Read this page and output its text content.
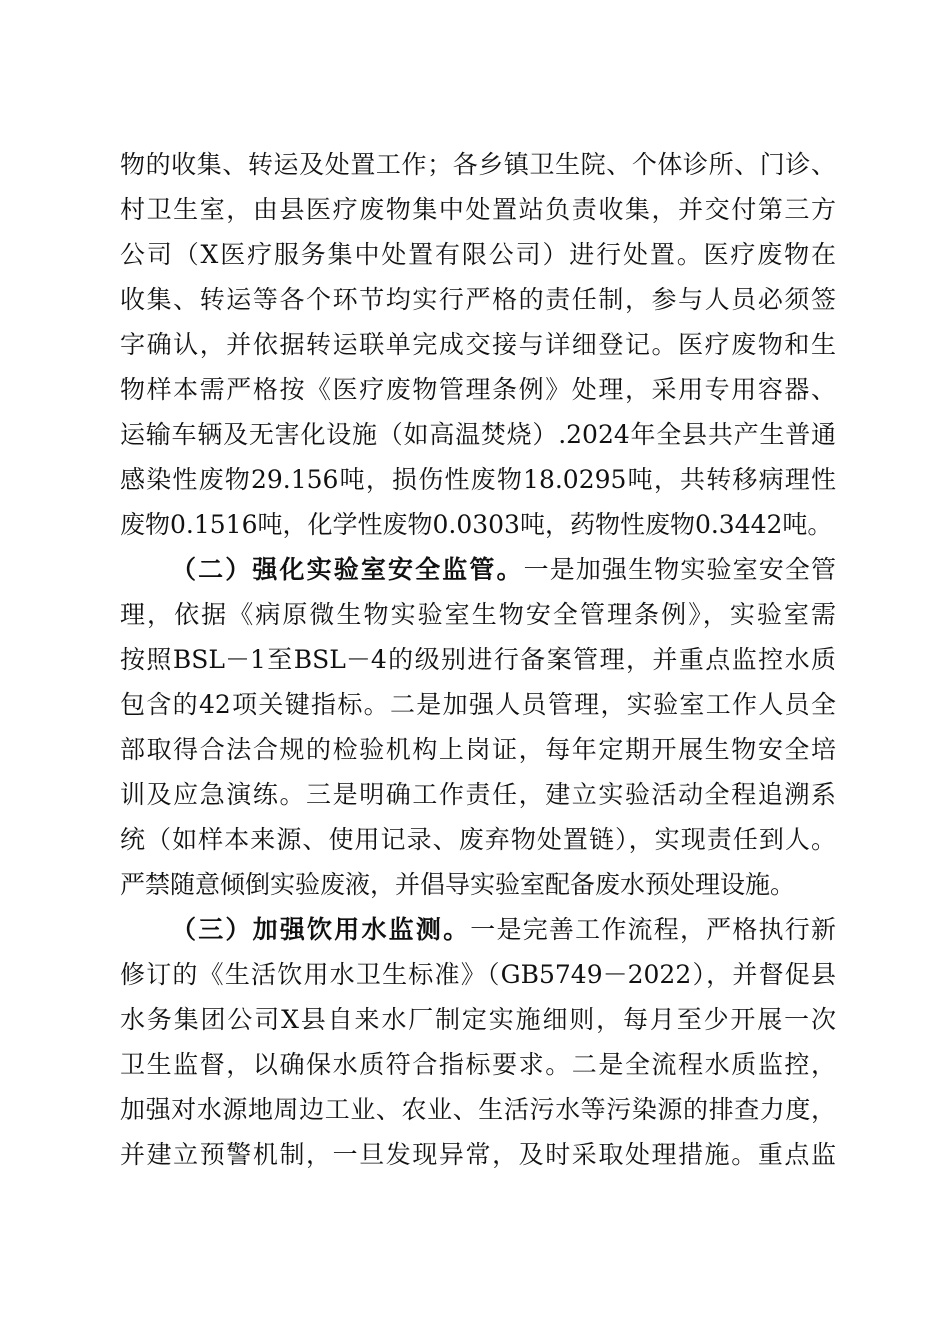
物的收集、转运及处置工作；各乡镇卫生院、个体诊所、门诊、
村卫生室，由县医疗废物集中处置站负责收集，并交付第三方
公司（X医疗服务集中处置有限公司）进行处置。医疗废物在
收集、转运等各个环节均实行严格的责任制，参与人员必须签
字确认，并依据转运联单完成交接与详细登记。医疗废物和生
物样本需严格按《医疗废物管理条例》处理，采用专用容器、
运输车辆及无害化设施（如高温焚烧）.2024年全县共产生普通
感染性废物29.156吨，损伤性废物18.0295吨，共转移病理性
废物0.1516吨，化学性废物0.0303吨，药物性废物0.3442吨。
（二）强化实验室安全监管。一是加强生物实验室安全管
理，依据《病原微生物实验室生物安全管理条例》，实验室需
按照BSL－1至BSL－4的级别进行备案管理，并重点监控水质
包含的42项关键指标。二是加强人员管理，实验室工作人员全
部取得合法合规的检验机构上岗证，每年定期开展生物安全培
训及应急演练。三是明确工作责任，建立实验活动全程追溯系
统（如样本来源、使用记录、废弃物处置链），实现责任到人。
严禁随意倾倒实验废液，并倡导实验室配备废水预处理设施。
（三）加强饮用水监测。一是完善工作流程，严格执行新
修订的《生活饮用水卫生标准》（GB5749－2022），并督促县
水务集团公司X县自来水厂制定实施细则，每月至少开展一次
卫生监督，以确保水质符合指标要求。二是全流程水质监控，
加强对水源地周边工业、农业、生活污水等污染源的排查力度，
并建立预警机制，一旦发现异常，及时采取处理措施。重点监
